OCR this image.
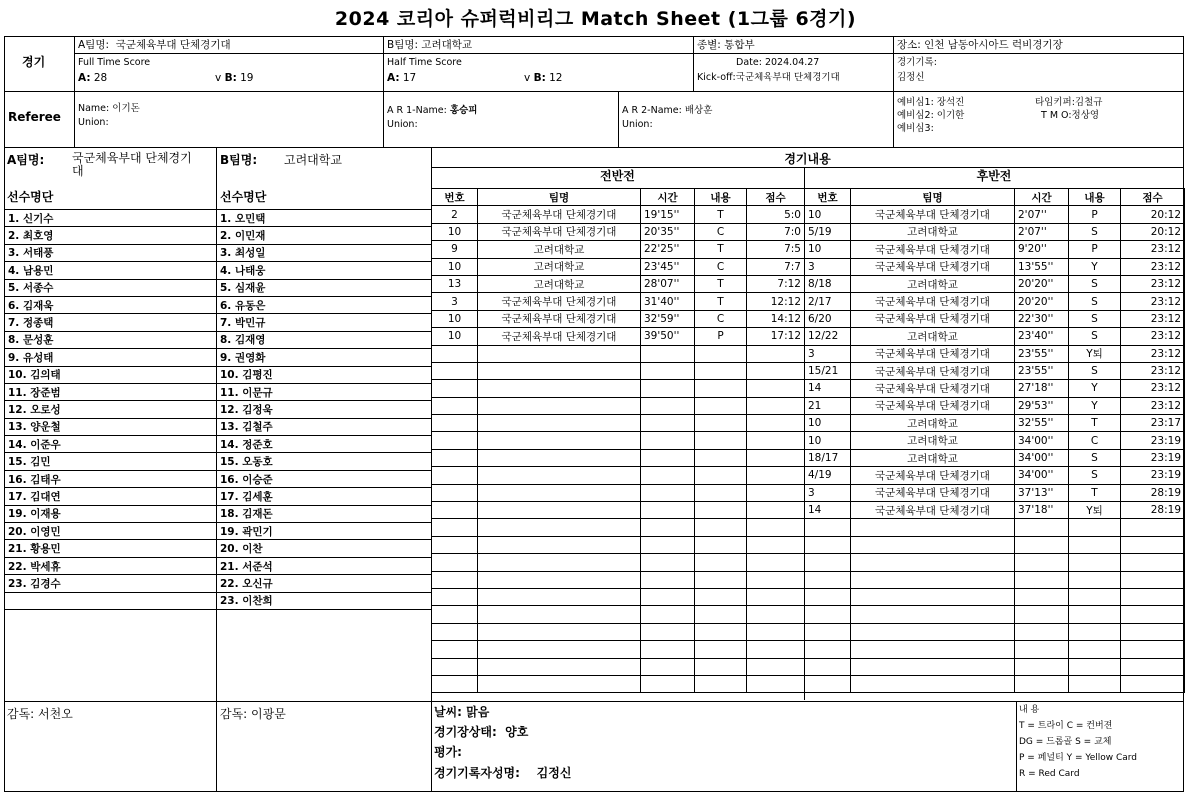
2024 코리아 슈퍼럭비리그 Match Sheet (1그룹 6경기)
경기
A팀명: 국군체육부대 단체경기대	B팀명: 고려대학교	종별: 통합부	장소: 인천 남동아시아드 럭비경기장
Full Time Score
A: 28	v B: 19
Half Time Score
A: 17	v B: 12
Date: 2024.04.27
Kick-off:국군체육부대 단체경기대
경기기록:
김정신
Referee
Name: 이기돈
Union:
A R 1-Name: 홍승피
Union:
A R 2-Name: 배상훈
Union:
예비심1: 장석진
예비심2: 이기한
예비심3:
타임키퍼:김철규
T M O:정상영
A팀명: 국군체육부대 단체경기
대
B팀명: 고려대학교
선수명단	선수명단
1. 신기수	1. 오민택
2. 최호영	2. 이민재
3. 서태풍	3. 최성일
4. 남용민	4. 나태웅
5. 서종수	5. 심재윤
6. 김재욱	6. 유동은
7. 정종택	7. 박민규
8. 문성훈	8. 김재영
9. 유성태	9. 권영화
10. 김의태	10. 김평진
11. 장준범	11. 이문규
12. 오로성	12. 김정욱
13. 양운철	13. 김철주
14. 이준우	14. 정준호
15. 김민	15. 오동호
16. 김태우	16. 이승준
17. 김대연	17. 김세훈
19. 이재용	18. 김재돈
20. 이영민	19. 곽민기
21. 황용민	20. 이찬
22. 박세휴	21. 서준석
23. 김경수	22. 오신규
	23. 이찬희
감독: 서천오	감독: 이광문
경기내용
전반전	후반전
번호	팀명	시간	내용	점수
2	국군체육부대 단체경기대	19'15''	T	5:0
10	국군체육부대 단체경기대	20'35''	C	7:0
9	고려대학교	22'25''	T	7:5
10	고려대학교	23'45''	C	7:7
13	고려대학교	28'07''	T	7:12
3	국군체육부대 단체경기대	31'40''	T	12:12
10	국군체육부대 단체경기대	32'59''	C	14:12
10	국군체육부대 단체경기대	39'50''	P	17:12

번호	팀명	시간	내용	점수
10	국군체육부대 단체경기대	2'07''	P	20:12
5/19	고려대학교	2'07''	S	20:12
10	국군체육부대 단체경기대	9'20''	P	23:12
3	국군체육부대 단체경기대	13'55''	Y	23:12
8/18	고려대학교	20'20''	S	23:12
2/17	국군체육부대 단체경기대	20'20''	S	23:12
6/20	국군체육부대 단체경기대	22'30''	S	23:12
12/22	고려대학교	23'40''	S	23:12
3	국군체육부대 단체경기대	23'55''	Y퇴	23:12
15/21	국군체육부대 단체경기대	23'55''	S	23:12
14	국군체육부대 단체경기대	27'18''	Y	23:12
21	국군체육부대 단체경기대	29'53''	Y	23:12
10	고려대학교	32'55''	T	23:17
10	고려대학교	34'00''	C	23:19
18/17	고려대학교	34'00''	S	23:19
4/19	국군체육부대 단체경기대	34'00''	S	23:19
3	국군체육부대 단체경기대	37'13''	T	28:19
14	국군체육부대 단체경기대	37'18''	Y퇴	28:19

날씨: 맑음
경기장상태: 양호
평가:
경기기록자성명: 김정신
내 용
T = 트라이 C = 컨버젼
DG = 드롭골 S = 교체
P = 페널티 Y = Yellow Card
R = Red Card
